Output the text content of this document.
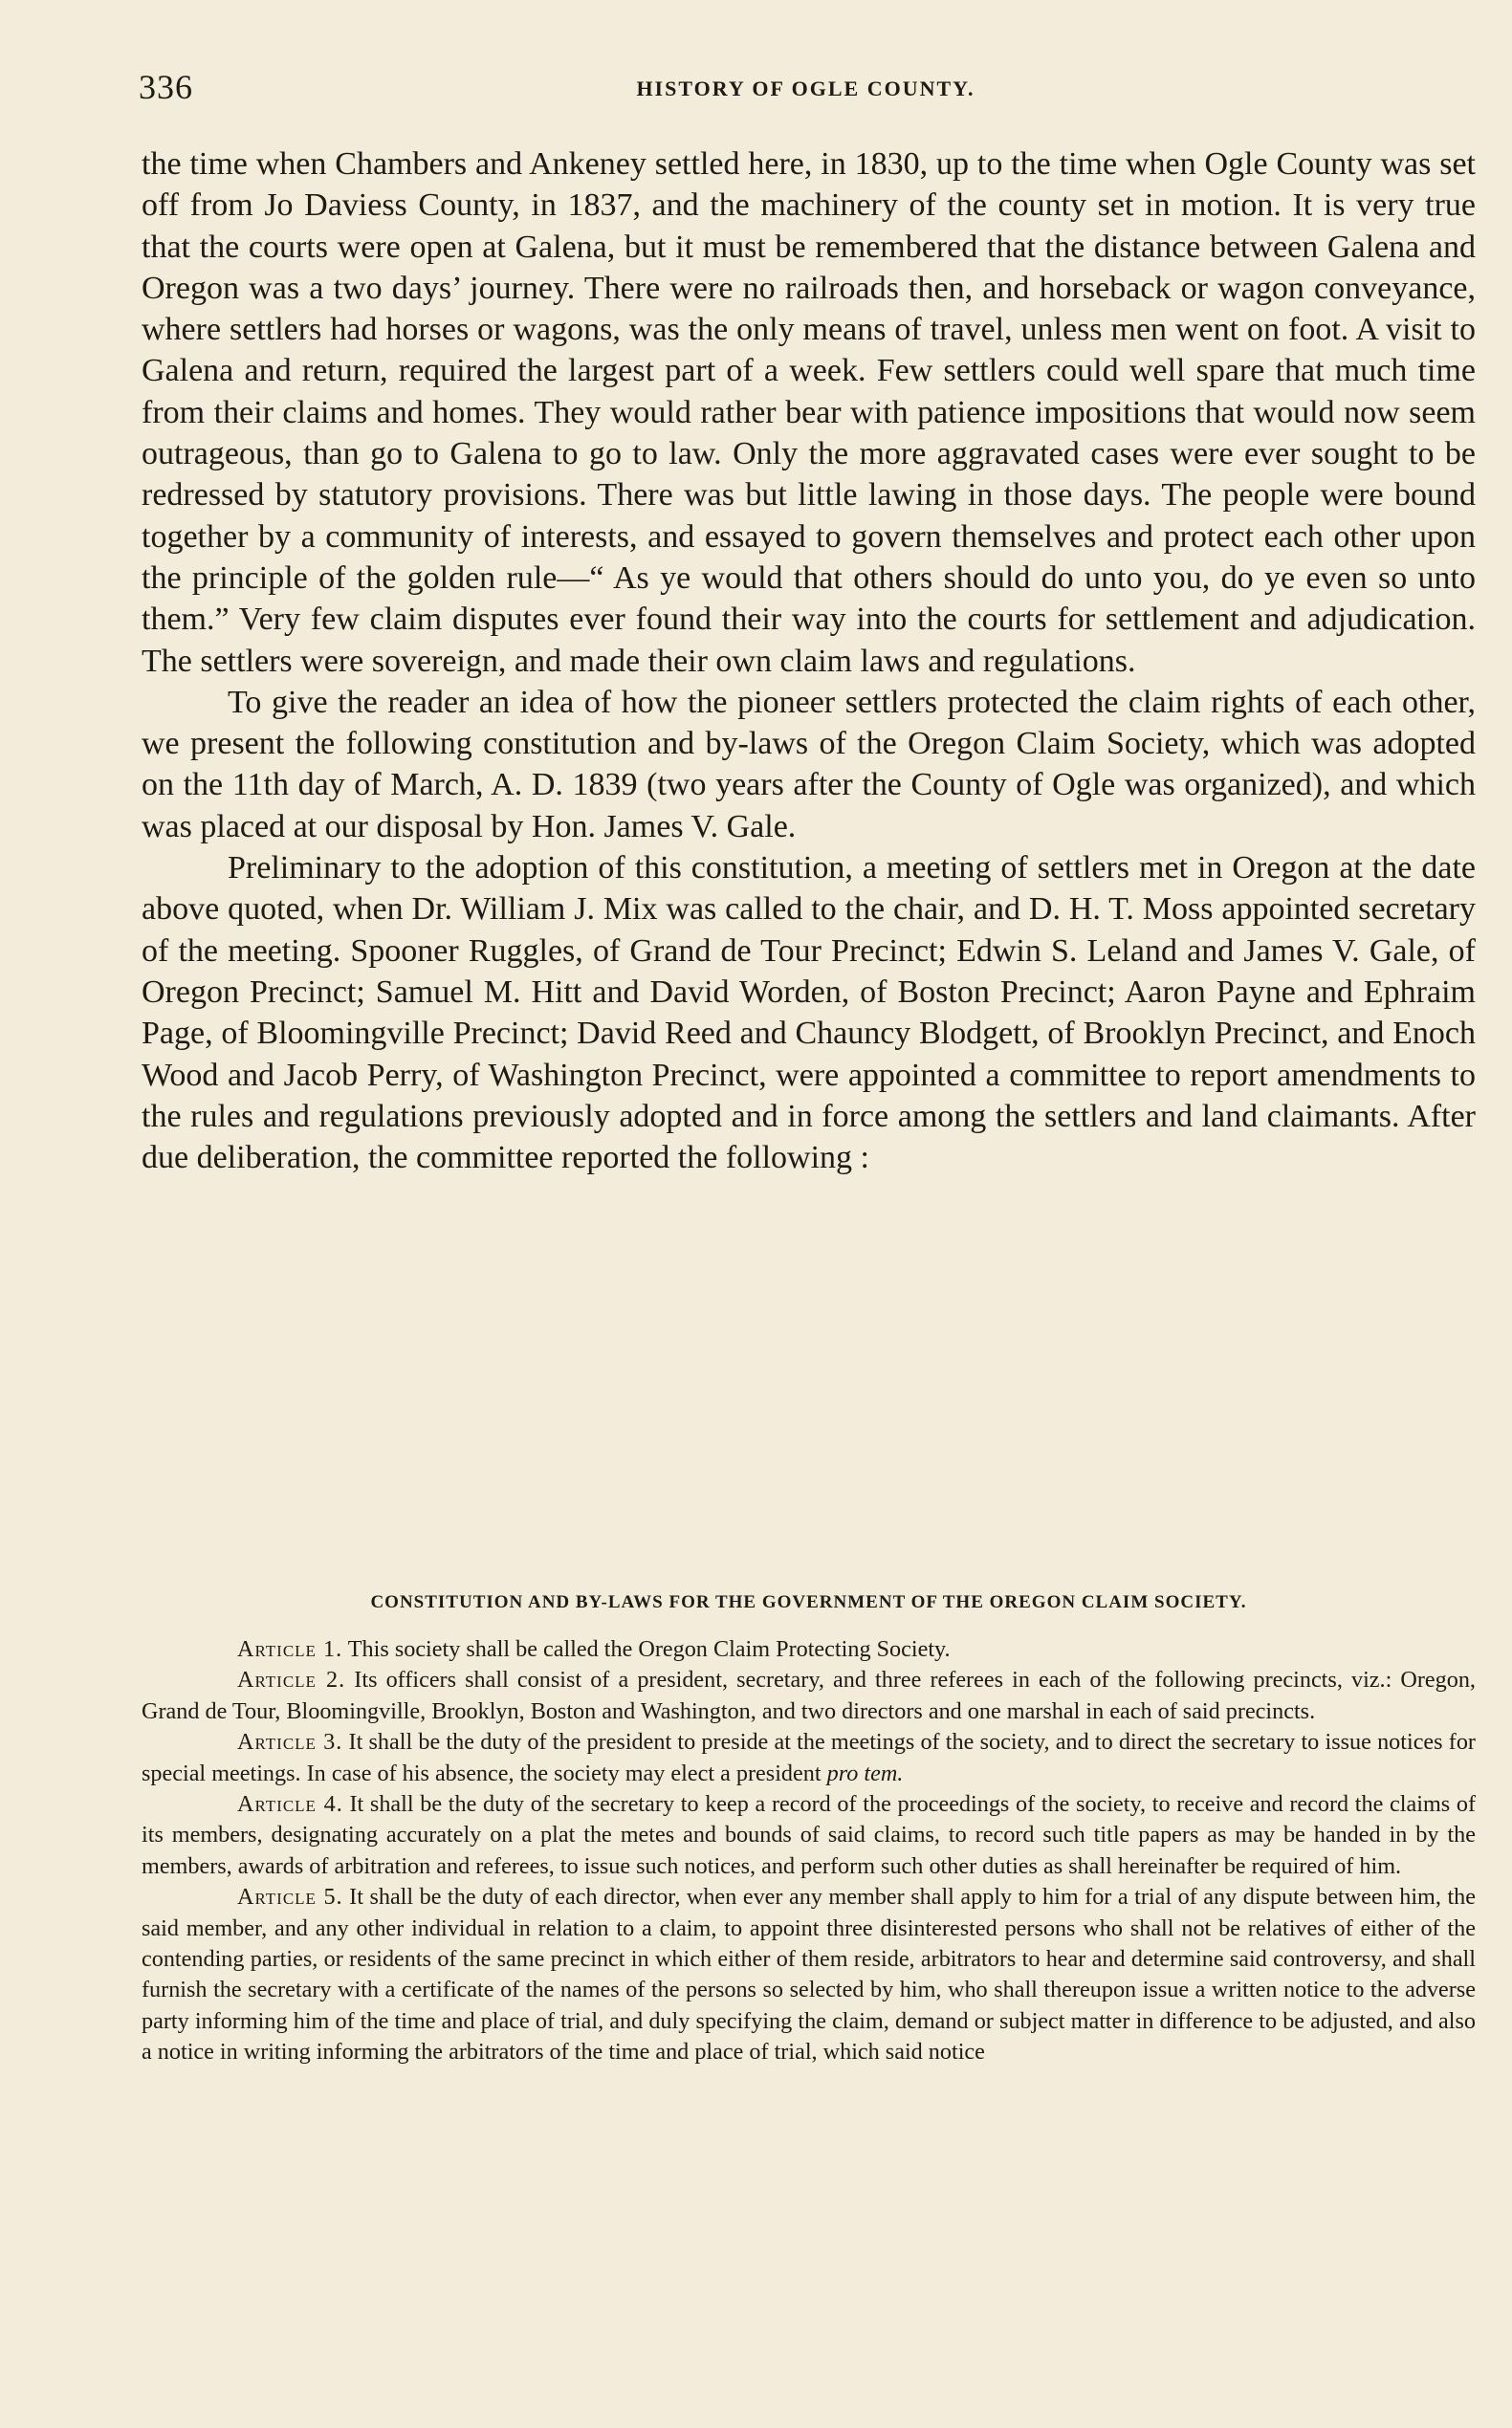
336	HISTORY OF OGLE COUNTY.

the time when Chambers and Ankeney settled here, in 1830, up to the time when Ogle County was set off from Jo Daviess County, in 1837, and the machinery of the county set in motion. It is very true that the courts were open at Galena, but it must be remembered that the distance between Galena and Oregon was a two days’ journey. There were no railroads then, and horseback or wagon conveyance, where settlers had horses or wagons, was the only means of travel, unless men went on foot. A visit to Galena and return, required the largest part of a week. Few settlers could well spare that much time from their claims and homes. They would rather bear with patience impositions that would now seem outrageous, than go to Galena to go to law. Only the more aggravated cases were ever sought to be redressed by statutory provisions. There was but little lawing in those days. The people were bound together by a community of interests, and essayed to govern themselves and protect each other upon the principle of the golden rule—“ As ye would that others should do unto you, do ye even so unto them.” Very few claim disputes ever found their way into the courts for settlement and adjudication. The settlers were sovereign, and made their own claim laws and regulations.

To give the reader an idea of how the pioneer settlers protected the claim rights of each other, we present the following constitution and by-laws of the Oregon Claim Society, which was adopted on the 11th day of March, A. D. 1839 (two years after the County of Ogle was organized), and which was placed at our disposal by Hon. James V. Gale.

Preliminary to the adoption of this constitution, a meeting of settlers met in Oregon at the date above quoted, when Dr. William J. Mix was called to the chair, and D. H. T. Moss appointed secretary of the meeting. Spooner Ruggles, of Grand de Tour Precinct; Edwin S. Leland and James V. Gale, of Oregon Precinct; Samuel M. Hitt and David Worden, of Boston Precinct; Aaron Payne and Ephraim Page, of Bloomingville Precinct; David Reed and Chauncy Blodgett, of Brooklyn Precinct, and Enoch Wood and Jacob Perry, of Washington Precinct, were appointed a committee to report amendments to the rules and regulations previously adopted and in force among the settlers and land claimants. After due deliberation, the committee reported the following :

CONSTITUTION AND BY-LAWS FOR THE GOVERNMENT OF THE OREGON CLAIM SOCIETY.

Article 1. This society shall be called the Oregon Claim Protecting Society.

Article 2. Its officers shall consist of a president, secretary, and three referees in each of the following precincts, viz.: Oregon, Grand de Tour, Bloomingville, Brooklyn, Boston and Washington, and two directors and one marshal in each of said precincts.

Article 3. It shall be the duty of the president to preside at the meetings of the society, and to direct the secretary to issue notices for special meetings. In case of his absence, the society may elect a president pro tem.

Article 4. It shall be the duty of the secretary to keep a record of the proceedings of the society, to receive and record the claims of its members, designating accurately on a plat the metes and bounds of said claims, to record such title papers as may be handed in by the members, awards of arbitration and referees, to issue such notices, and perform such other duties as shall hereinafter be required of him.

Article 5. It shall be the duty of each director, when ever any member shall apply to him for a trial of any dispute between him, the said member, and any other individual in relation to a claim, to appoint three disinterested persons who shall not be relatives of either of the contending parties, or residents of the same precinct in which either of them reside, arbitrators to hear and determine said controversy, and shall furnish the secretary with a certificate of the names of the persons so selected by him, who shall thereupon issue a written notice to the adverse party informing him of the time and place of trial, and duly specifying the claim, demand or subject matter in difference to be adjusted, and also a notice in writing informing the arbitrators of the time and place of trial, which said notice
